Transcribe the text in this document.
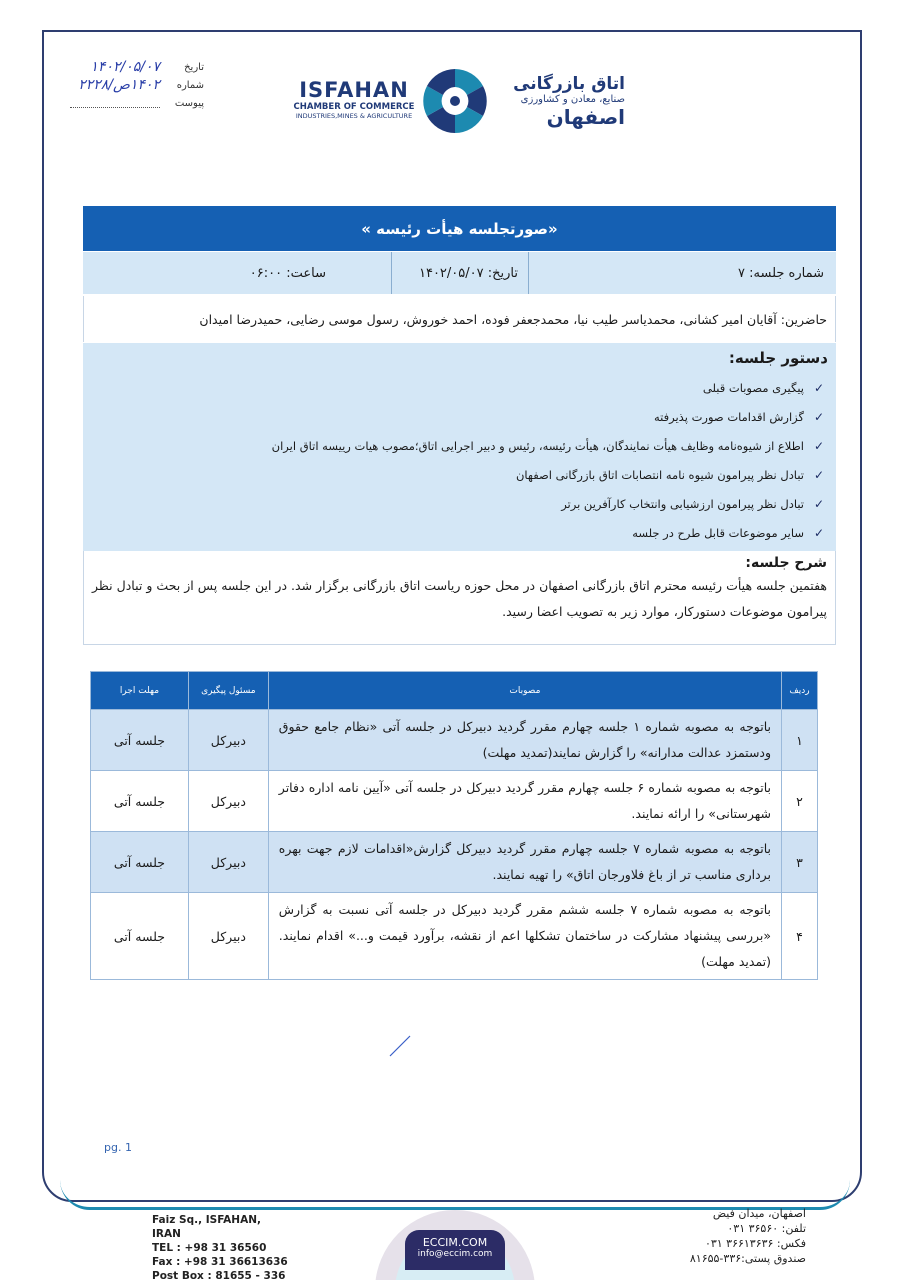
تاریخ
۱۴۰۲/۰۵/۰۷
شماره
۱۴۰۲ص/۲۲۲۸
پیوست
ISFAHAN
CHAMBER OF COMMERCE
INDUSTRIES,MINES & AGRICULTURE
اتاق بازرگانی
صنایع، معادن و کشاورزی
اصفهان
«صورتجلسه هیأت رئیسه »
شماره جلسه: ۷
تاریخ: ۱۴۰۲/۰۵/۰۷
ساعت: ۰۶:۰۰
حاضرین: آقایان امیر کشانی، محمدیاسر طیب نیا، محمدجعفر فوده، احمد خوروش، رسول موسی رضایی، حمیدرضا امیدان
دستور جلسه:
✓
پیگیری مصوبات قبلی
✓
گزارش اقدامات صورت پذیرفته
✓
اطلاع از شیوه‌نامه وظایف هیأت نمایندگان، هیأت رئیسه، رئیس و دبیر اجرایی اتاق؛مصوب هیات رییسه اتاق ایران
✓
تبادل نظر پیرامون شیوه نامه انتصابات اتاق بازرگانی اصفهان
✓
تبادل نظر پیرامون ارزشیابی وانتخاب کارآفرین برتر
✓
سایر موضوعات قابل طرح در جلسه
شرح جلسه:

هفتمین جلسه هیأت رئیسه محترم اتاق بازرگانی اصفهان در محل حوزه ریاست اتاق بازرگانی برگزار شد. در این جلسه پس از بحث و تبادل نظر پیرامون موضوعات دستورکار، موارد زیر به تصویب اعضا رسید.

ردیف	مصوبات	مسئول پیگیری	مهلت اجرا
۱	باتوجه به مصوبه شماره ۱ جلسه چهارم مقرر گردید دبیرکل در جلسه آتی «نظام جامع حقوق ودستمزد عدالت مدارانه» را گزارش نمایند(تمدید مهلت)	دبیرکل	جلسه آتی
۲	باتوجه به مصوبه شماره ۶ جلسه چهارم مقرر گردید دبیرکل در جلسه آتی «آیین نامه اداره دفاتر شهرستانی» را ارائه نمایند.	دبیرکل	جلسه آتی
۳	باتوجه به مصوبه شماره ۷ جلسه چهارم مقرر گردید دبیرکل گزارش«اقدامات لازم جهت بهره برداری مناسب تر از باغ فلاورجان اتاق» را تهیه نمایند.	دبیرکل	جلسه آتی
۴	باتوجه به مصوبه شماره ۷ جلسه ششم مقرر گردید دبیرکل در جلسه آتی نسبت به گزارش «بررسی پیشنهاد مشارکت در ساختمان تشکلها اعم از نقشه، برآورد قیمت و...» اقدام نمایند.(تمدید مهلت)	دبیرکل	جلسه آتی
pg. 1
ECCIM.COM
info@eccim.com
Faiz Sq., ISFAHAN, IRAN
TEL : +98 31 36560
Fax : +98 31 36613636
Post Box : 81655 - 336
اصفهان، میدان فیض
تلفن: ۳۶۵۶۰ ۰۳۱
فکس: ۳۶۶۱۳۶۳۶ ۰۳۱
صندوق پستی:۳۳۶-۸۱۶۵۵
